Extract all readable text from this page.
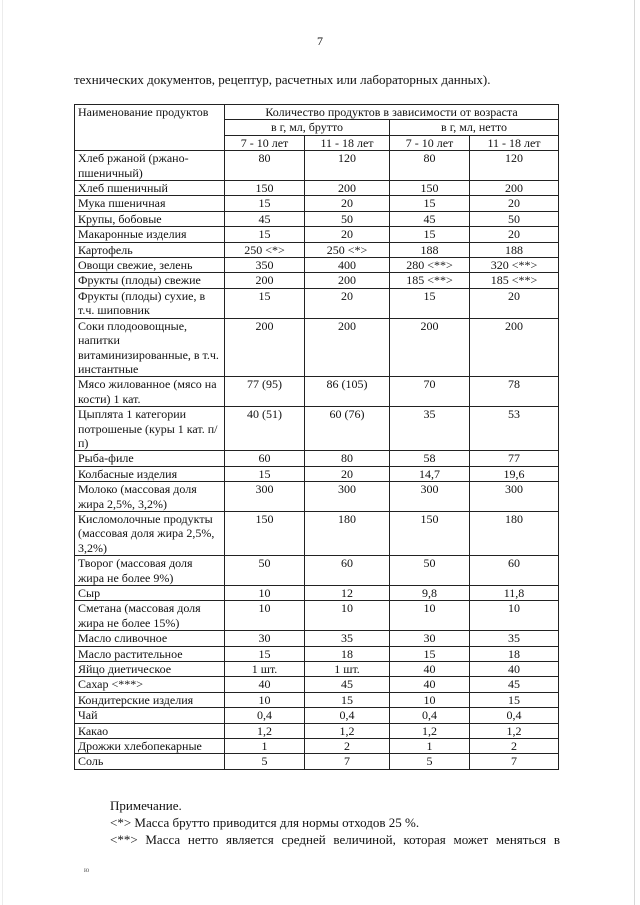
7
технических документов, рецептур, расчетных или лабораторных данных).
Наименование продуктов	Количество продуктов в зависимости от возраста			
	в г, мл, брутто		в г, мл, нетто	
	7 - 10 лет	11 - 18 лет	7 - 10 лет	11 - 18 лет
Хлеб ржаной (ржано-пшеничный)	80	120	80	120
Хлеб пшеничный	150	200	150	200
Мука пшеничная	15	20	15	20
Крупы, бобовые	45	50	45	50
Макаронные изделия	15	20	15	20
Картофель	250 <*>	250 <*>	188	188
Овощи свежие, зелень	350	400	280 <**>	320 <**>
Фрукты (плоды) свежие	200	200	185 <**>	185 <**>
Фрукты (плоды) сухие, в т.ч. шиповник	15	20	15	20
Соки плодоовощные, напитки витаминизированные, в т.ч. инстантные	200	200	200	200
Мясо жилованное (мясо на кости) 1 кат.	77 (95)	86 (105)	70	78
Цыплята 1 категории потрошеные (куры 1 кат. п/п)	40 (51)	60 (76)	35	53
Рыба-филе	60	80	58	77
Колбасные изделия	15	20	14,7	19,6
Молоко (массовая доля жира 2,5%, 3,2%)	300	300	300	300
Кисломолочные продукты (массовая доля жира 2,5%, 3,2%)	150	180	150	180
Творог (массовая доля жира не более 9%)	50	60	50	60
Сыр	10	12	9,8	11,8
Сметана (массовая доля жира не более 15%)	10	10	10	10
Масло сливочное	30	35	30	35
Масло растительное	15	18	15	18
Яйцо диетическое	1 шт.	1 шт.	40	40
Сахар <***>	40	45	40	45
Кондитерские изделия	10	15	10	15
Чай	0,4	0,4	0,4	0,4
Какао	1,2	1,2	1,2	1,2
Дрожжи хлебопекарные	1	2	1	2
Соль	5	7	5	7
Примечание.
<*> Масса брутто приводится для нормы отходов 25 %.
<**> Масса нетто является средней величиной, которая может меняться в
ю
